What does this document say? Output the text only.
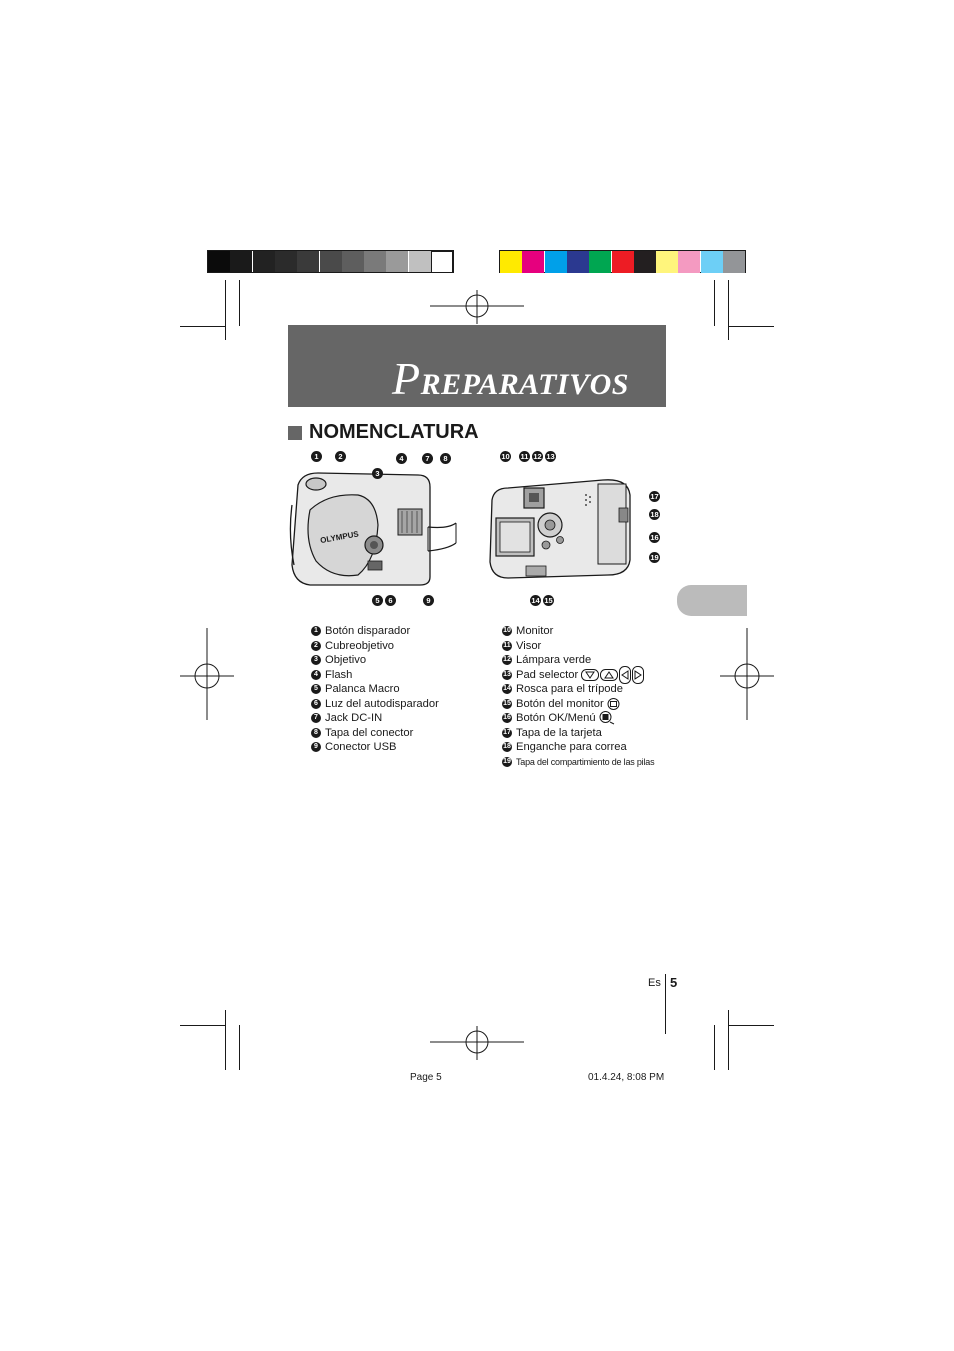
PREPARATIVOS
NOMENCLATURA
OLYMPUS
1	2
3
4	7	8
5	6	9
10 11 12 13
17
18
16
19
14 15
1 Botón disparador
2 Cubreobjetivo
3 Objetivo
4 Flash
5 Palanca Macro
6 Luz del autodisparador
7 Jack DC-IN
8 Tapa del conector
9 Conector USB
10 Monitor
11 Visor
12 Lámpara verde
13 Pad selector
14 Rosca para el trípode
15 Botón del monitor
16 Botón OK/Menú
17 Tapa de la tarjeta
18 Enganche para correa
19 Tapa del compartimiento de las pilas
Es 5
Page 5	01.4.24, 8:08 PM
